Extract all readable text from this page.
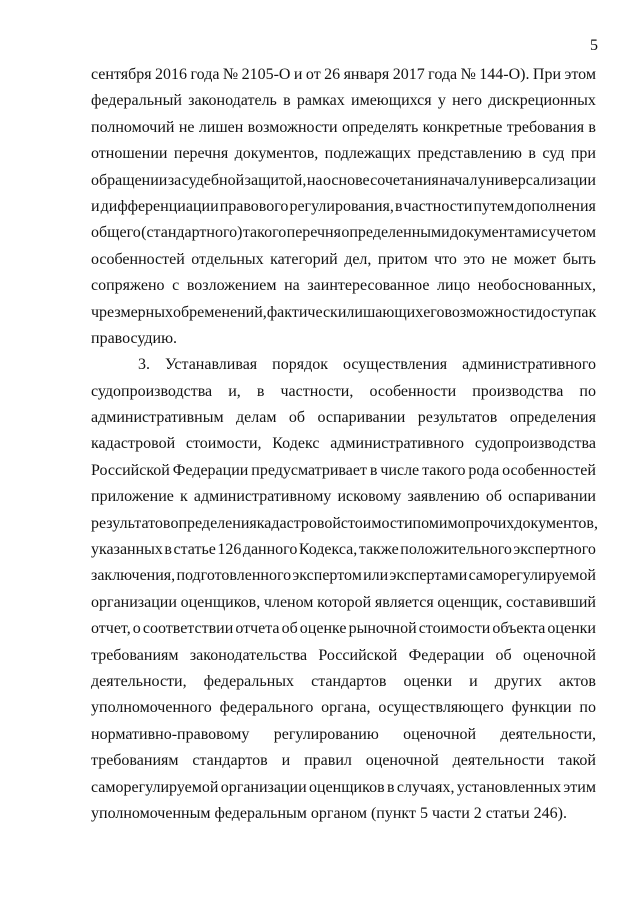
5
сентября 2016 года № 2105-О и от 26 января 2017 года № 144-О). При этом
федеральный законодатель в рамках имеющихся у него дискреционных
полномочий не лишен возможности определять конкретные требования в
отношении перечня документов, подлежащих представлению в суд при
обращении за судебной защитой, на основе сочетания начал универсализации
и дифференциации правового регулирования, в частности путем дополнения
общего (стандартного) такого перечня определенными документами с учетом
особенностей отдельных категорий дел, притом что это не может быть
сопряжено с возложением на заинтересованное лицо необоснованных,
чрезмерных обременений, фактически лишающих его возможности доступа к
правосудию.
3. Устанавливая порядок осуществления административного
судопроизводства и, в частности, особенности производства по
административным делам об оспаривании результатов определения
кадастровой стоимости, Кодекс административного судопроизводства
Российской Федерации предусматривает в числе такого рода особенностей
приложение к административному исковому заявлению об оспаривании
результатов определения кадастровой стоимости помимо прочих документов,
указанных в статье 126 данного Кодекса, также положительного экспертного
заключения, подготовленного экспертом или экспертами саморегулируемой
организации оценщиков, членом которой является оценщик, составивший
отчет, о соответствии отчета об оценке рыночной стоимости объекта оценки
требованиям законодательства Российской Федерации об оценочной
деятельности, федеральных стандартов оценки и других актов
уполномоченного федерального органа, осуществляющего функции по
нормативно-правовому регулированию оценочной деятельности,
требованиям стандартов и правил оценочной деятельности такой
саморегулируемой организации оценщиков в случаях, установленных этим
уполномоченным
федеральным
органом
(пункт
5
части
2
статьи
246).
